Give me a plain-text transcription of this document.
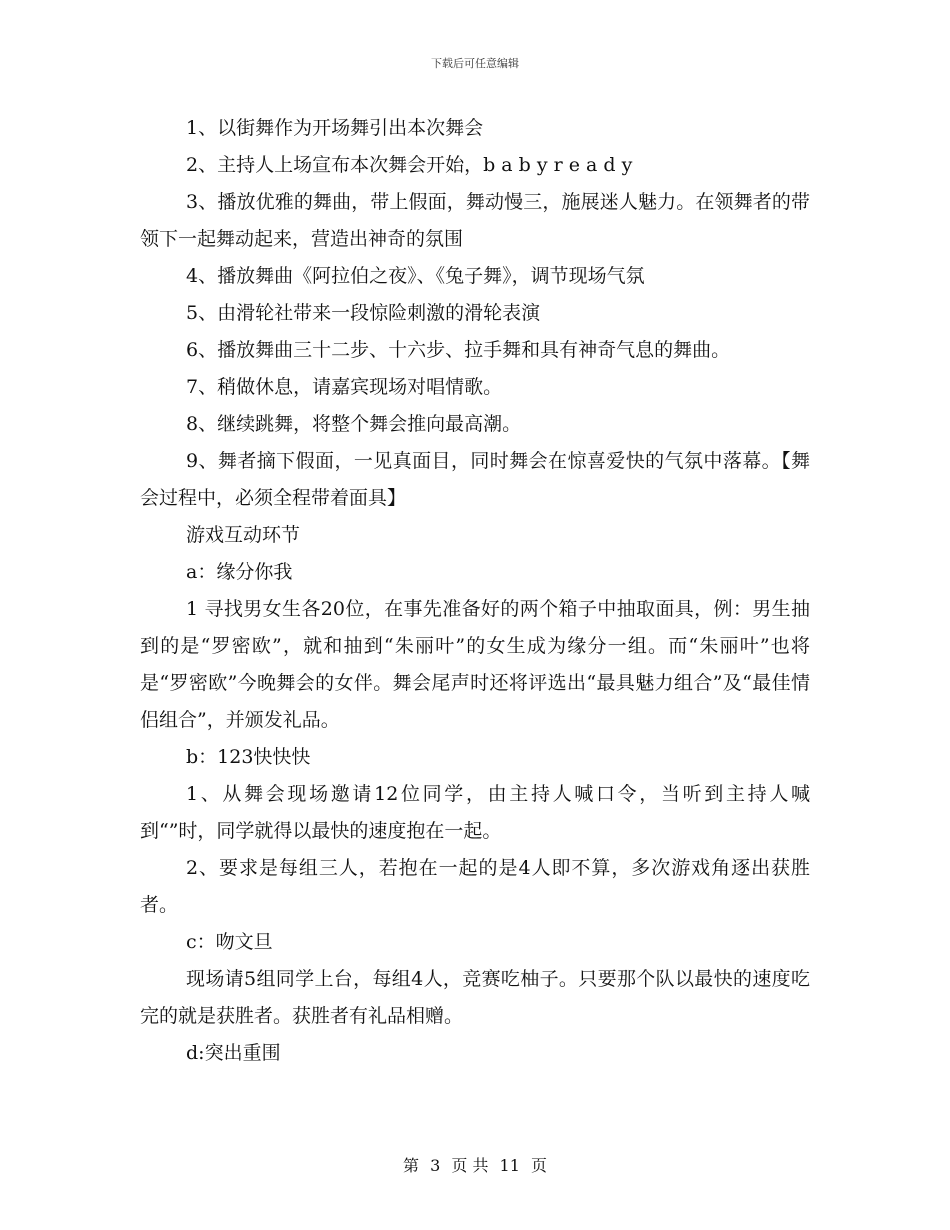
下载后可任意编辑

1、以街舞作为开场舞引出本次舞会

2、主持人上场宣布本次舞会开始，b a b y r e a d y

3、播放优雅的舞曲，带上假面，舞动慢三，施展迷人魅力。在领舞者的带领下一起舞动起来，营造出神奇的氛围

4、播放舞曲《阿拉伯之夜》、《兔子舞》，调节现场气氛

5、由滑轮社带来一段惊险刺激的滑轮表演

6、播放舞曲三十二步、十六步、拉手舞和具有神奇气息的舞曲。

7、稍做休息，请嘉宾现场对唱情歌。

8、继续跳舞，将整个舞会推向最高潮。

9、舞者摘下假面，一见真面目，同时舞会在惊喜爱快的气氛中落幕。【舞会过程中，必须全程带着面具】

游戏互动环节

a：缘分你我

1 寻找男女生各20位，在事先准备好的两个箱子中抽取面具，例：男生抽到的是“罗密欧”，就和抽到“朱丽叶”的女生成为缘分一组。而“朱丽叶”也将是“罗密欧”今晚舞会的女伴。舞会尾声时还将评选出“最具魅力组合”及“最佳情侣组合”，并颁发礼品。

b：123快快快

1、从舞会现场邀请12位同学，由主持人喊口令，当听到主持人喊到“”时，同学就得以最快的速度抱在一起。

2、要求是每组三人，若抱在一起的是4人即不算，多次游戏角逐出获胜者。

c：吻文旦

现场请5组同学上台，每组4人，竞赛吃柚子。只要那个队以最快的速度吃完的就是获胜者。获胜者有礼品相赠。

d:突出重围

第 3 页 共 11 页
